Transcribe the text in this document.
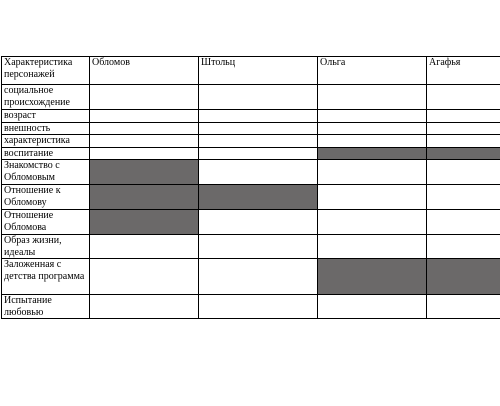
Характеристика персонажей	Обломов	Штольц	Ольга	Агафья
социальное происхождение				
возраст				
внешность				
характеристика				
воспитание				
Знакомство с Обломовым				
Отношение к Обломову				
Отношение Обломова				
Образ жизни, идеалы				
Заложенная с детства программа				
Испытание любовью				
